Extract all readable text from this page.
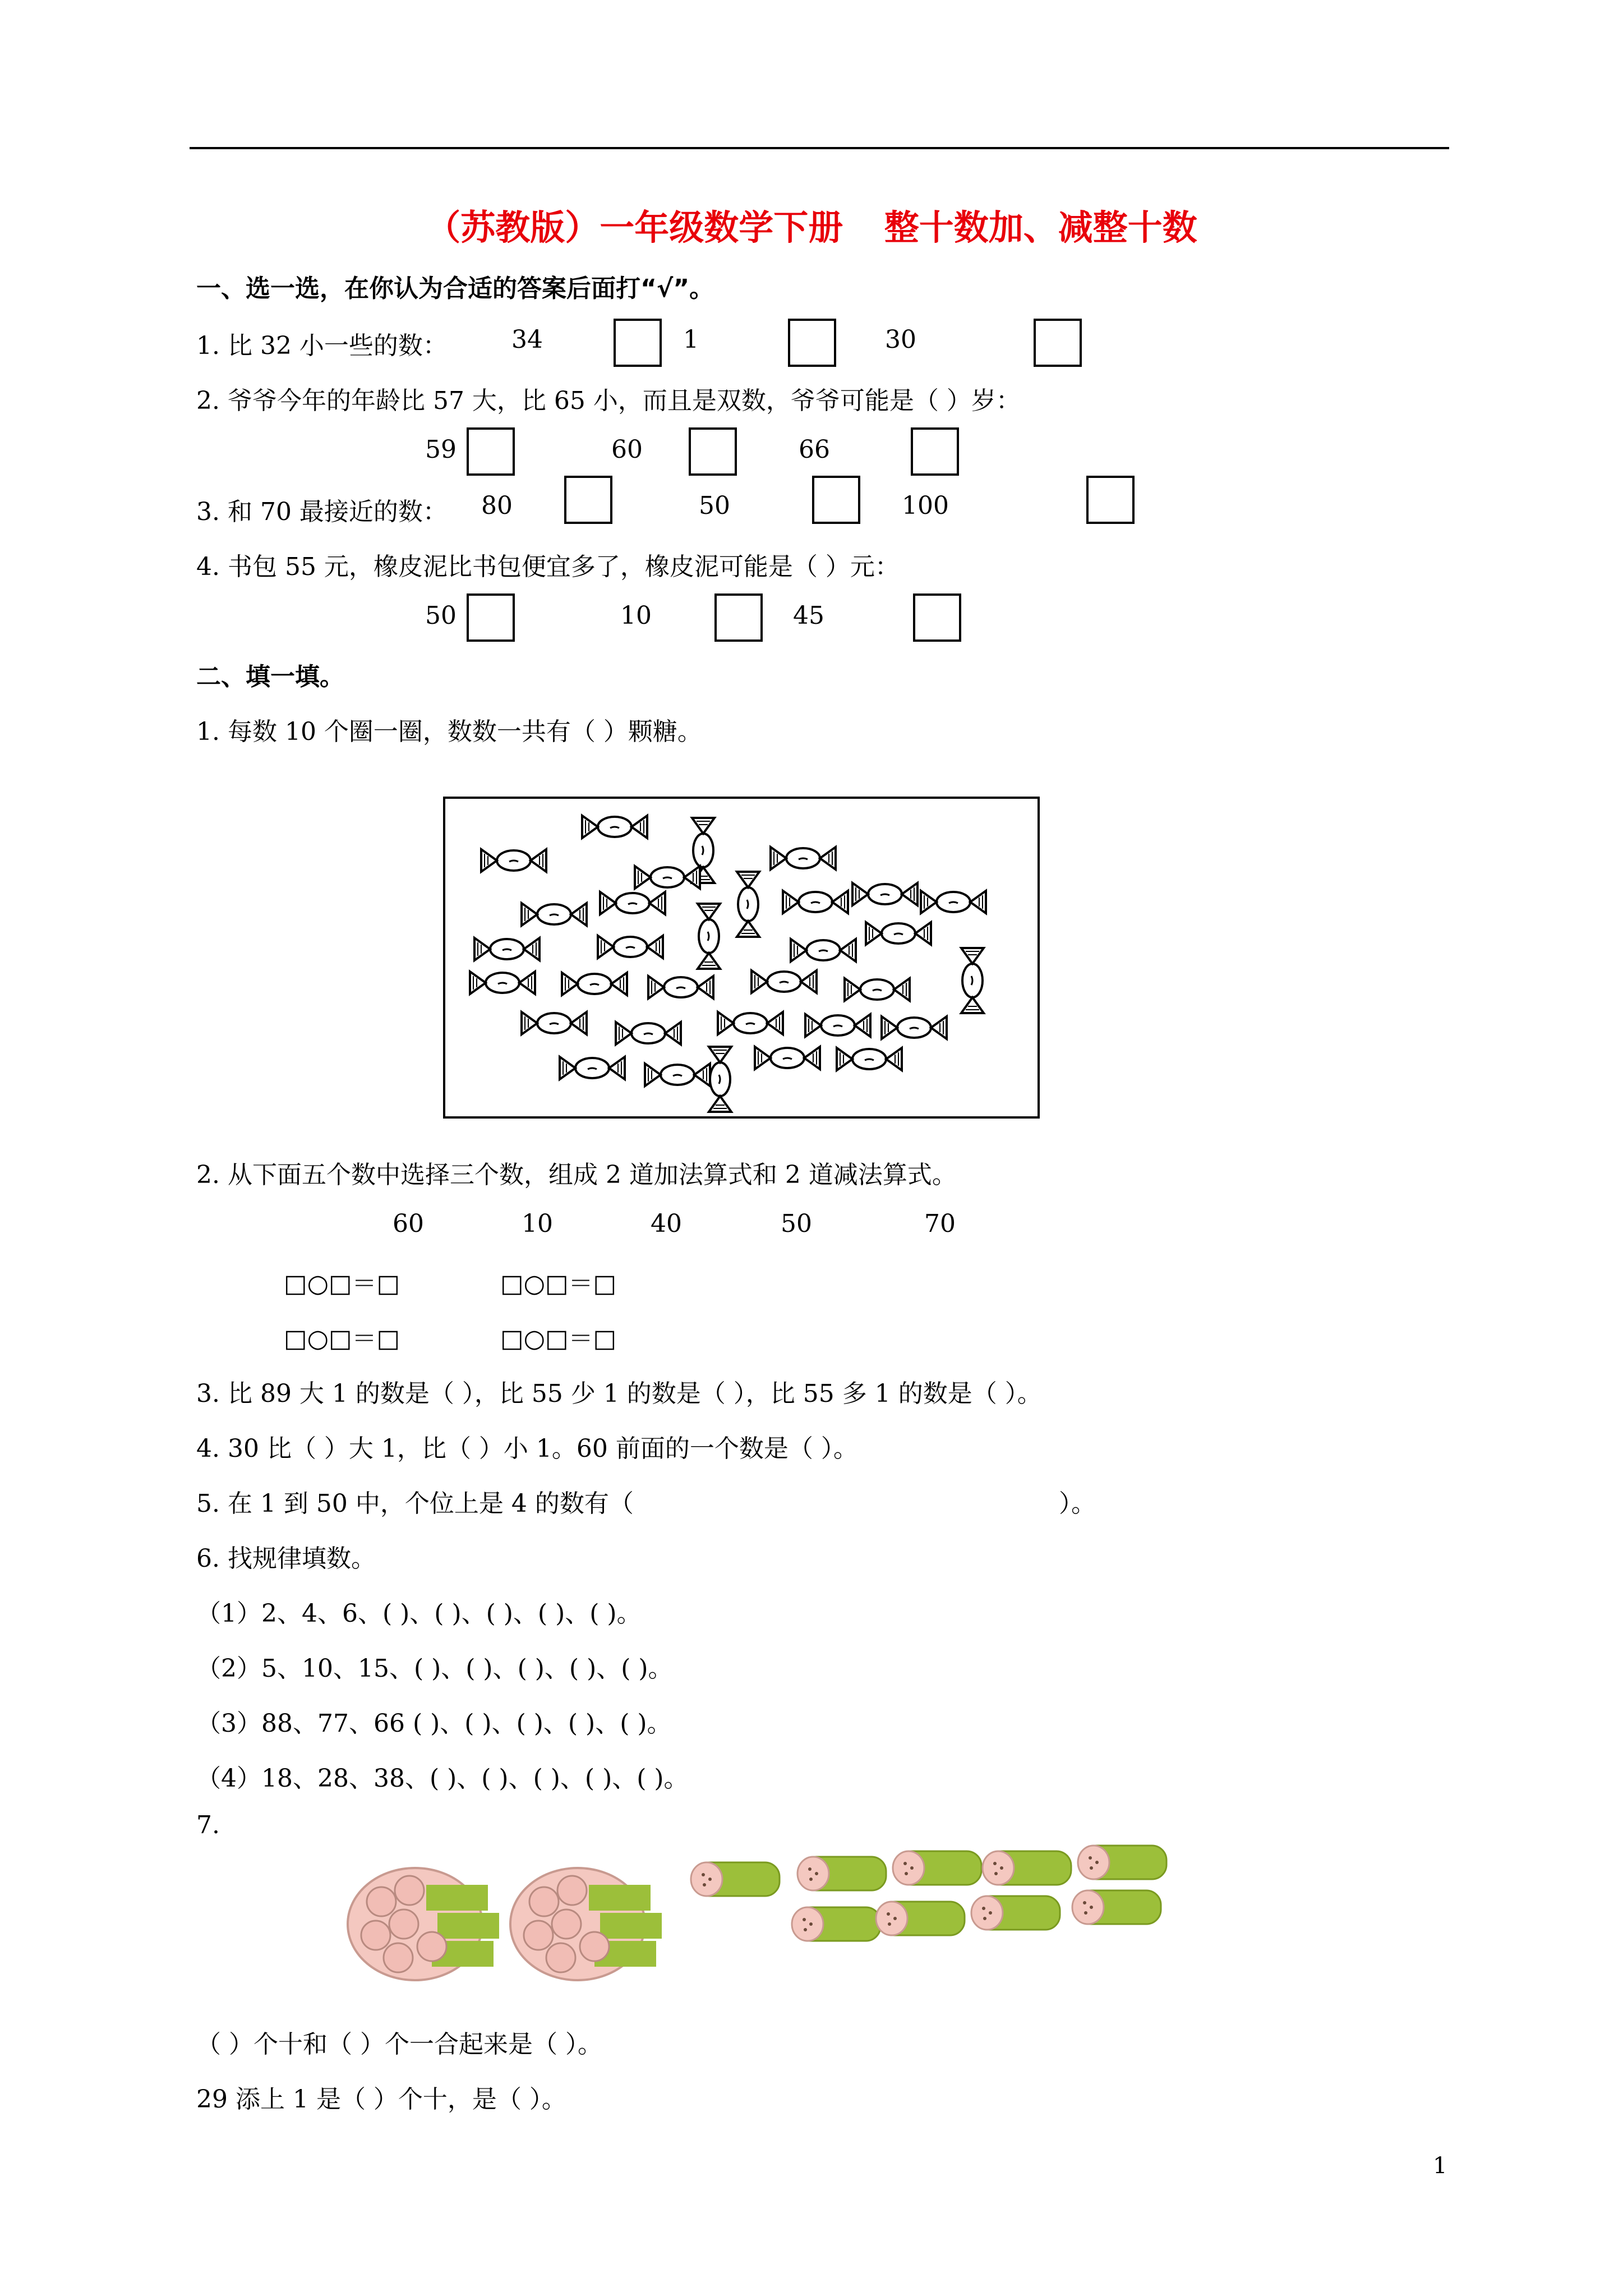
（苏教版）一年级数学下册 整十数加、减整十数
一、选一选，在你认为合适的答案后面打“√”。
1. 比 32 小一些的数：	34	1	30
2. 爷爷今年的年龄比 57 大，比 65 小，而且是双数，爷爷可能是（ ）岁：
59	60	66
3. 和 70 最接近的数： 80	50	100
4. 书包 55 元，橡皮泥比书包便宜多了，橡皮泥可能是（ ）元：
50	10	45
二、填一填。
1. 每数 10 个圈一圈，数数一共有（ ）颗糖。
2. 从下面五个数中选择三个数，组成 2 道加法算式和 2 道减法算式。
60	10	40	50	70
□○□＝□	□○□＝□
□○□＝□	□○□＝□
3. 比 89 大 1 的数是（ ），比 55 少 1 的数是（ ），比 55 多 1 的数是（ ）。
4. 30 比（ ）大 1，比（ ）小 1。60 前面的一个数是（ ）。
5. 在 1 到 50 中，个位上是 4 的数有（	）。
6. 找规律填数。
（1）2、4、6、( )、( )、( )、( )、( )。
（2）5、10、15、( )、( )、( )、( )、( )。
（3）88、77、66 ( )、( )、( )、( )、( )。
（4）18、28、38、( )、( )、( )、( )、( )。
7.
（ ）个十和（ ）个一合起来是（ ）。
29 添上 1 是（ ）个十，是（ ）。
1
